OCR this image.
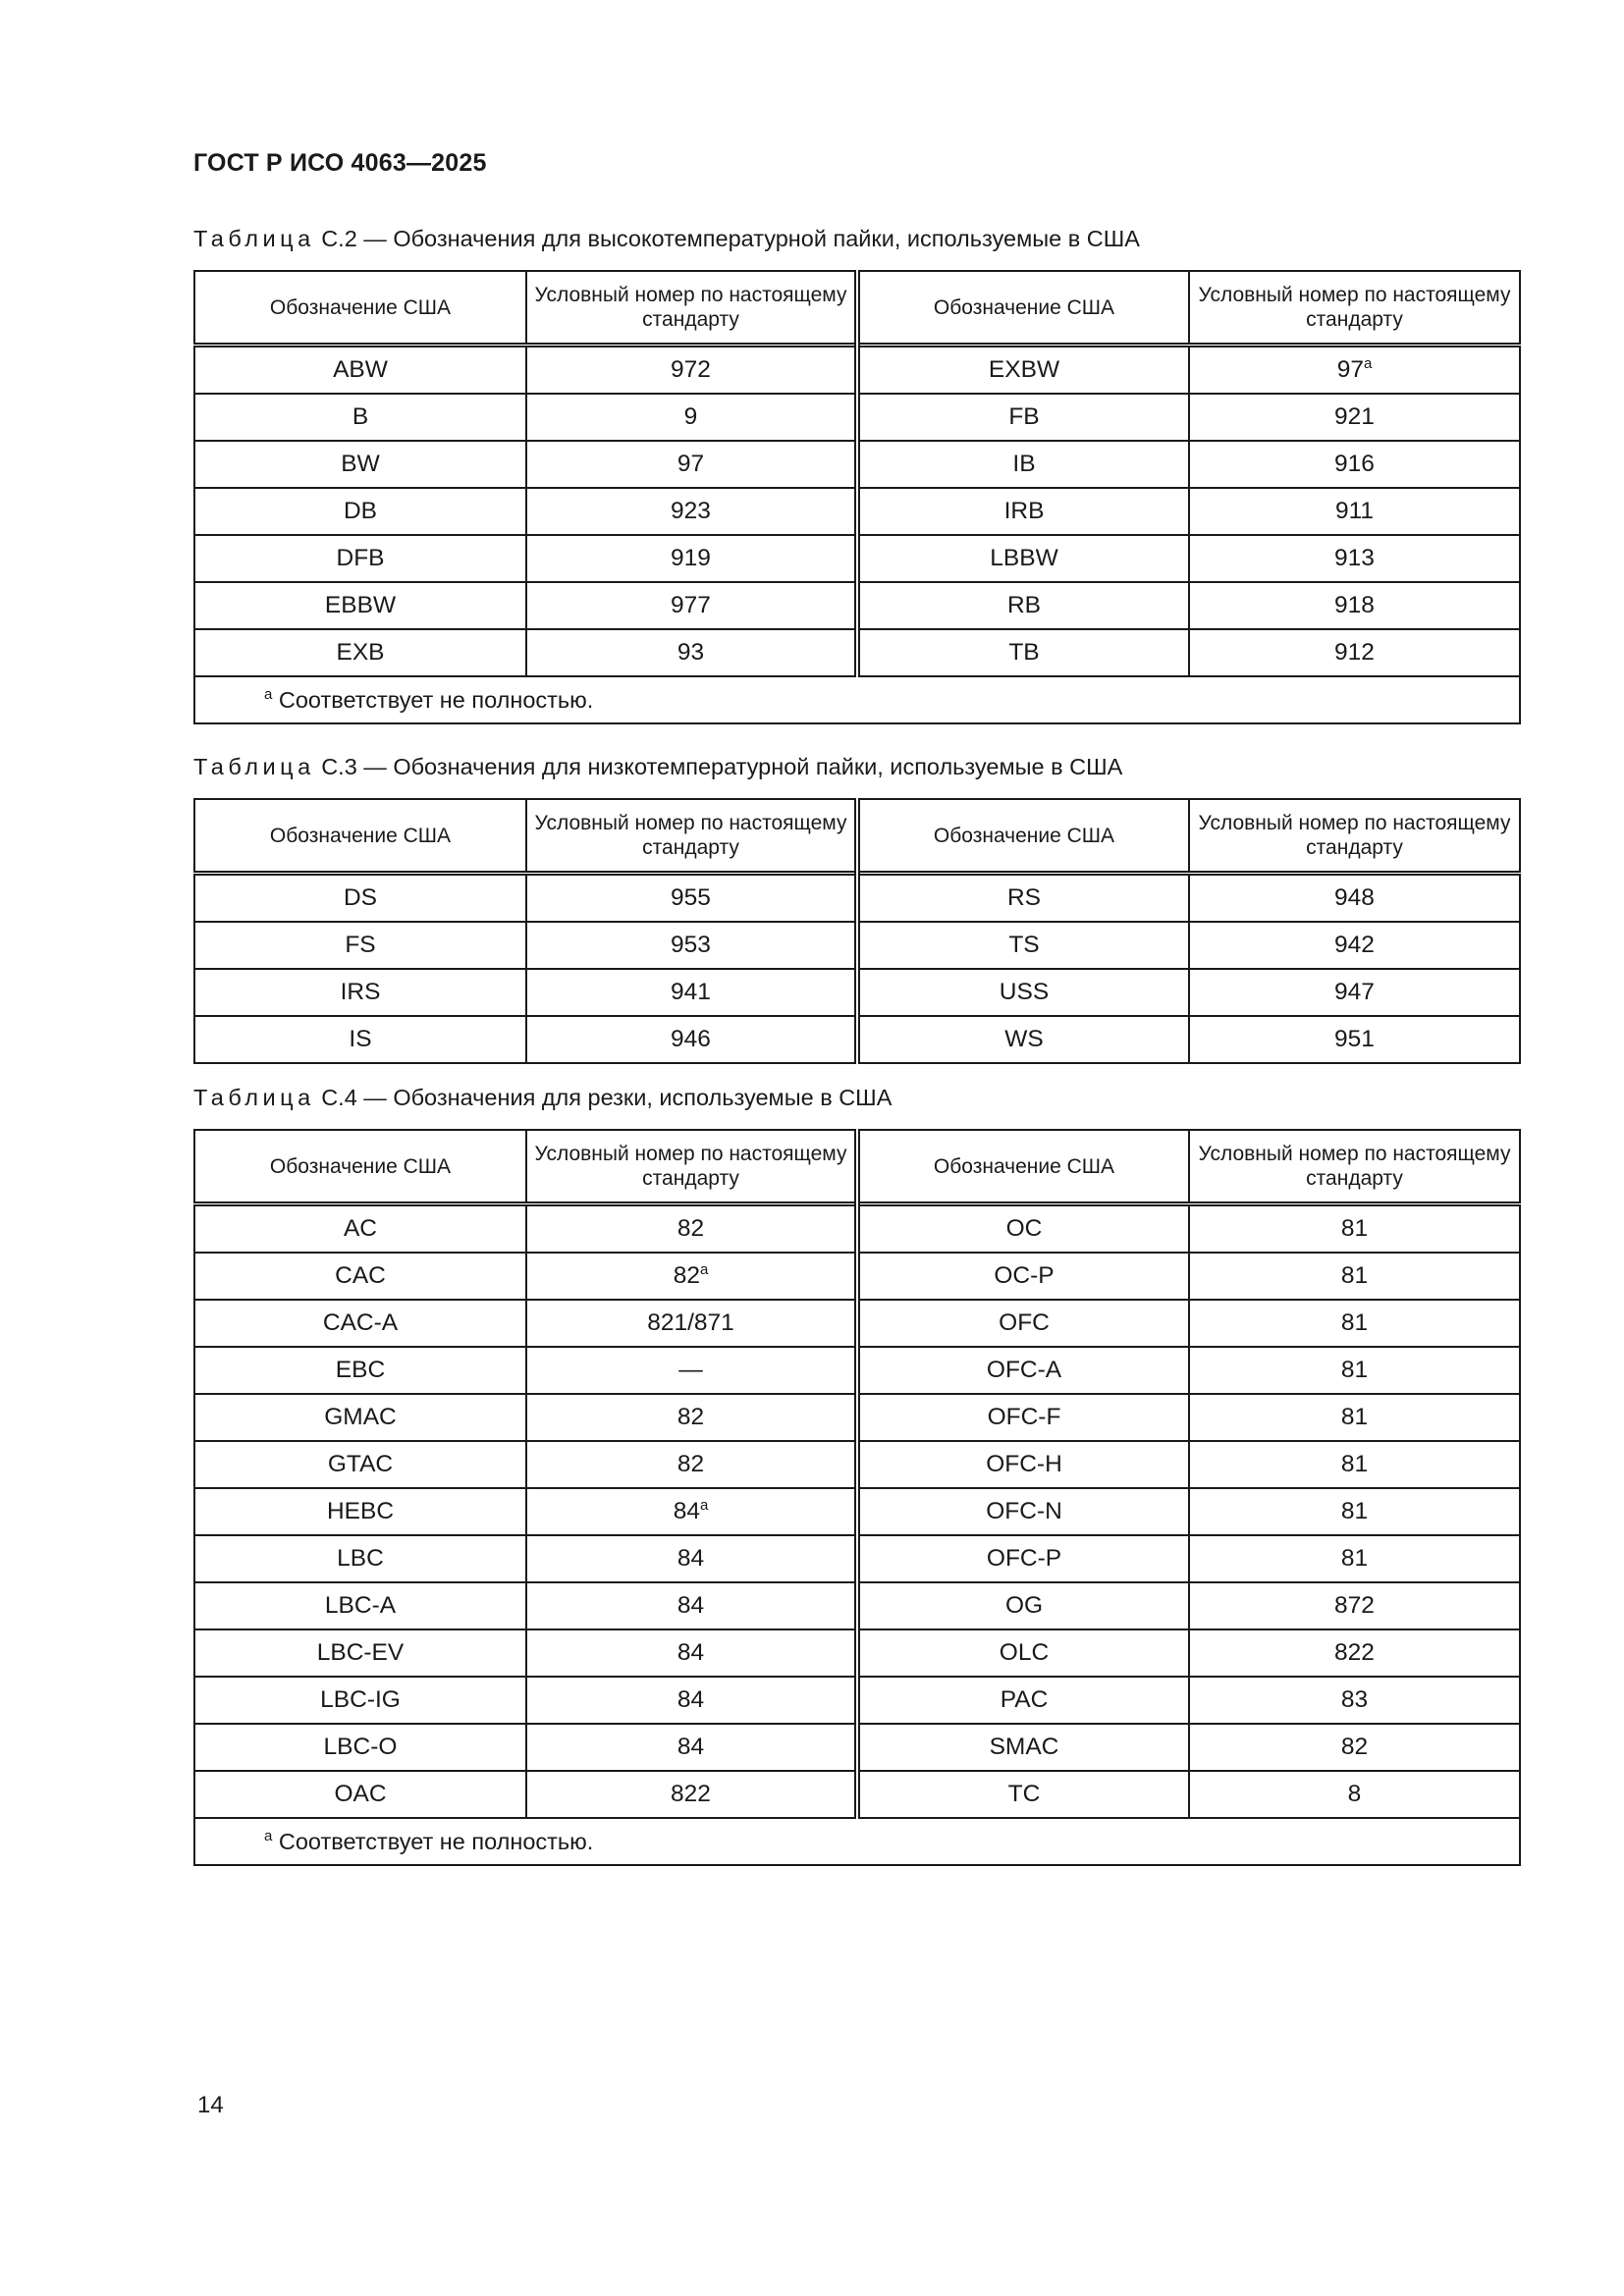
ГОСТ Р ИСО 4063—2025
Таблица С.2 — Обозначения для высокотемпературной пайки, используемые в США
Обозначение США	Условный номер по настоящему стандарту	Обозначение США	Условный номер по настоящему стандарту
ABW	972	EXBW	97$^a$
B	9	FB	921
BW	97	IB	916
DB	923	IRB	911
DFB	919	LBBW	913
EBBW	977	RB	918
EXB	93	TB	912
$^a$ Соответствует не полностью.			
Таблица С.3 — Обозначения для низкотемпературной пайки, используемые в США
Обозначение США	Условный номер по настоящему стандарту	Обозначение США	Условный номер по настоящему стандарту
DS	955	RS	948
FS	953	TS	942
IRS	941	USS	947
IS	946	WS	951
Таблица С.4 — Обозначения для резки, используемые в США
Обозначение США	Условный номер по настоящему стандарту	Обозначение США	Условный номер по настоящему стандарту
AC	82	OC	81
CAC	82$^a$	OC-P	81
CAC-A	821/871	OFC	81
EBC	—	OFC-A	81
GMAC	82	OFC-F	81
GTAC	82	OFC-H	81
HEBC	84$^a$	OFC-N	81
LBC	84	OFC-P	81
LBC-A	84	OG	872
LBC-EV	84	OLC	822
LBC-IG	84	PAC	83
LBC-O	84	SMAC	82
OAC	822	TC	8
$^a$ Соответствует не полностью.			
14
